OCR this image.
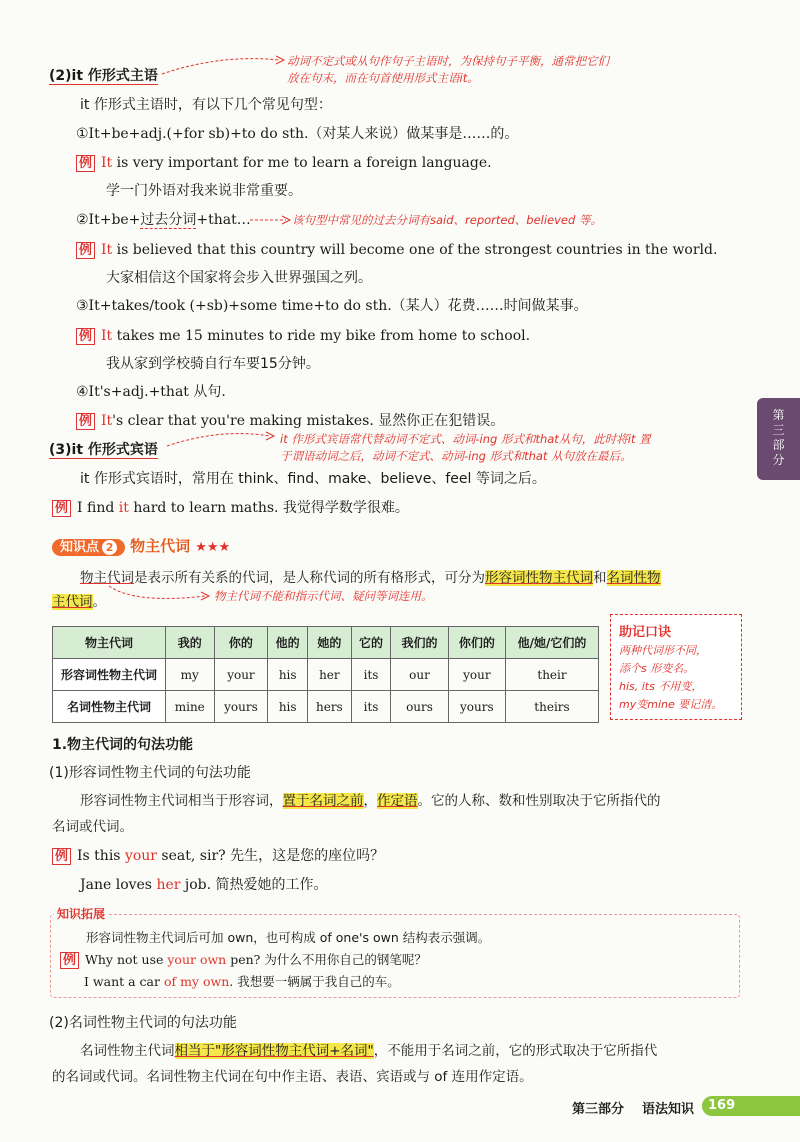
(2)it 作形式主语
动词不定式或从句作句子主语时，为保持句子平衡，通常把它们
放在句末，而在句首使用形式主语it。
it 作形式主语时，有以下几个常见句型：
①It+be+adj.(+for sb)+to do sth.（对某人来说）做某事是……的。
例 It is very important for me to learn a foreign language.
学一门外语对我来说非常重要。
②It+be+过去分词+that…	该句型中常见的过去分词有said、reported、believed 等。
例 It is believed that this country will become one of the strongest countries in the world.
大家相信这个国家将会步入世界强国之列。
③It+takes/took (+sb)+some time+to do sth.（某人）花费……时间做某事。
例 It takes me 15 minutes to ride my bike from home to school.
我从家到学校骑自行车要15分钟。
④It's+adj.+that 从句.
例 It's clear that you're making mistakes. 显然你正在犯错误。
(3)it 作形式宾语
it 作形式宾语常代替动词不定式、动词-ing 形式和that从句，此时将it 置
于谓语动词之后，动词不定式、动词-ing 形式和that 从句放在最后。
it 作形式宾语时，常用在 think、find、make、believe、feel 等词之后。
例 I find it hard to learn maths. 我觉得学数学很难。
知识点 2 物主代词 ★★★
物主代词是表示所有关系的代词，是人称代词的所有格形式，可分为形容词性物主代词和名词性物
主代词。	物主代词不能和指示代词、疑问等词连用。
物主代词	我的	你的	他的	她的	它的	我们的	你们的	他/她/它们的
形容词性物主代词	my	your	his	her	its	our	your	their
名词性物主代词	mine	yours	his	hers	its	ours	yours	theirs
助记口诀
两种代词形不同，
添个s 形变名。
his, its 不用变，
my变mine 要记清。
1.物主代词的句法功能
(1)形容词性物主代词的句法功能
形容词性物主代词相当于形容词，置于名词之前，作定语。它的人称、数和性别取决于它所指代的
名词或代词。
例 Is this your seat, sir? 先生，这是您的座位吗？
Jane loves her job. 简热爱她的工作。
知识拓展
形容词性物主代词后可加 own，也可构成 of one's own 结构表示强调。
例 Why not use your own pen? 为什么不用你自己的钢笔呢？
I want a car of my own. 我想要一辆属于我自己的车。
(2)名词性物主代词的句法功能
名词性物主代词相当于"形容词性物主代词+名词"，不能用于名词之前，它的形式取决于它所指代
的名词或代词。名词性物主代词在句中作主语、表语、宾语或与 of 连用作定语。
第三部分
第三部分 语法知识	169
